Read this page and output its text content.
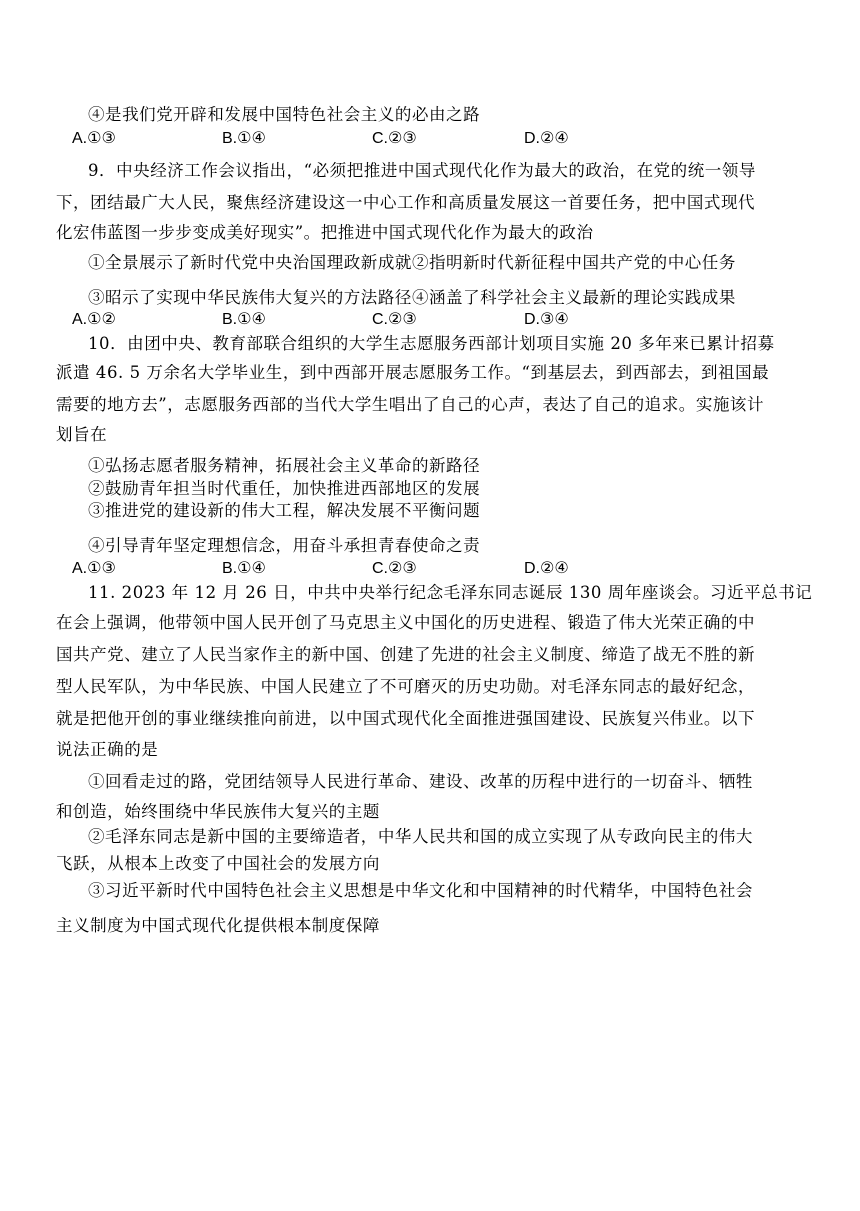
④是我们党开辟和发展中国特色社会主义的必由之路
A.①③	B.①④	C.②③	D.②④
9．中央经济工作会议指出，“必须把推进中国式现代化作为最大的政治，在党的统一领导
下，团结最广大人民，聚焦经济建设这一中心工作和高质量发展这一首要任务，把中国式现代
化宏伟蓝图一步步变成美好现实”。把推进中国式现代化作为最大的政治
①全景展示了新时代党中央治国理政新成就②指明新时代新征程中国共产党的中心任务
③昭示了实现中华民族伟大复兴的方法路径④涵盖了科学社会主义最新的理论实践成果
A.①②	B.①④	C.②③	D.③④
10．由团中央、教育部联合组织的大学生志愿服务西部计划项目实施 20 多年来已累计招募
派遣 46. 5 万余名大学毕业生，到中西部开展志愿服务工作。“到基层去，到西部去，到祖国最
需要的地方去”，志愿服务西部的当代大学生唱出了自己的心声，表达了自己的追求。实施该计
划旨在
①弘扬志愿者服务精神，拓展社会主义革命的新路径
②鼓励青年担当时代重任，加快推进西部地区的发展
③推进党的建设新的伟大工程，解决发展不平衡问题
④引导青年坚定理想信念，用奋斗承担青春使命之责
A.①③	B.①④	C.②③	D.②④
11. 2023 年 12 月 26 日，中共中央举行纪念毛泽东同志诞辰 130 周年座谈会。习近平总书记
在会上强调，他带领中国人民开创了马克思主义中国化的历史进程、锻造了伟大光荣正确的中
国共产党、建立了人民当家作主的新中国、创建了先进的社会主义制度、缔造了战无不胜的新
型人民军队，为中华民族、中国人民建立了不可磨灭的历史功勋。对毛泽东同志的最好纪念，
就是把他开创的事业继续推向前进，以中国式现代化全面推进强国建设、民族复兴伟业。以下
说法正确的是
①回看走过的路，党团结领导人民进行革命、建设、改革的历程中进行的一切奋斗、牺牲
和创造，始终围绕中华民族伟大复兴的主题
②毛泽东同志是新中国的主要缔造者，中华人民共和国的成立实现了从专政向民主的伟大
飞跃，从根本上改变了中国社会的发展方向
③习近平新时代中国特色社会主义思想是中华文化和中国精神的时代精华，中国特色社会
主义制度为中国式现代化提供根本制度保障
